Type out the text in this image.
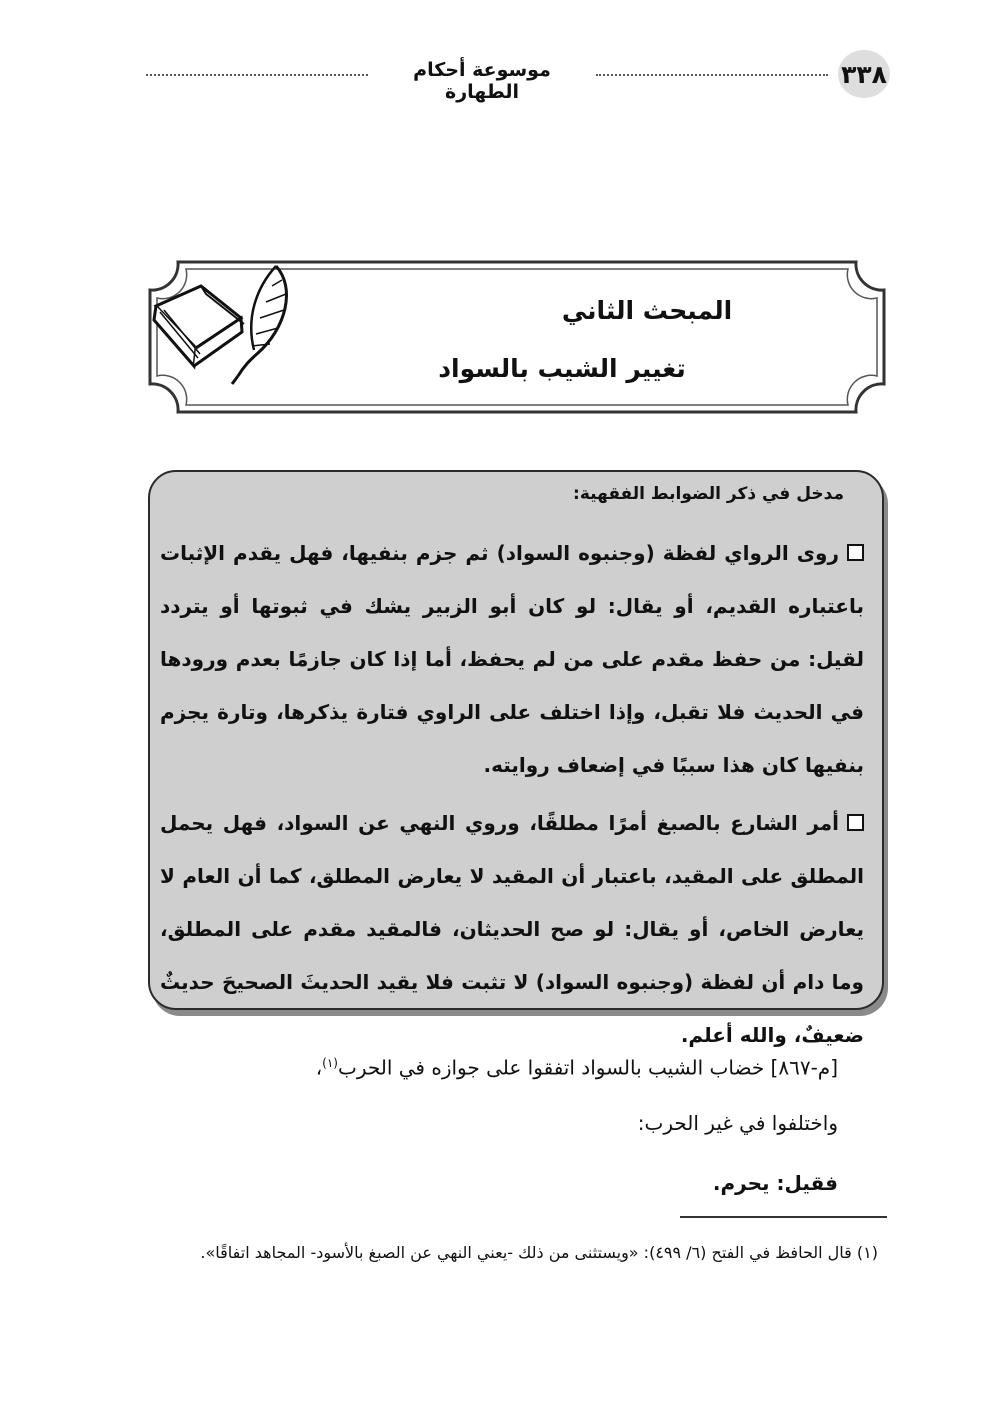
موسوعة أحكام الطهارة
٣٣٨
المبحث الثاني
تغيير الشيب بالسواد
مدخل في ذكر الضوابط الفقهية:
روى الرواي لفظة (وجنبوه السواد) ثم جزم بنفيها، فهل يقدم الإثبات باعتباره القديم، أو يقال: لو كان أبو الزبير يشك في ثبوتها أو يتردد لقيل: من حفظ مقدم على من لم يحفظ، أما إذا كان جازمًا بعدم ورودها في الحديث فلا تقبل، وإذا اختلف على الراوي فتارة يذكرها، وتارة يجزم بنفيها كان هذا سببًا في إضعاف روايته.
أمر الشارع بالصبغ أمرًا مطلقًا، وروي النهي عن السواد، فهل يحمل المطلق على المقيد، باعتبار أن المقيد لا يعارض المطلق، كما أن العام لا يعارض الخاص، أو يقال: لو صح الحديثان، فالمقيد مقدم على المطلق، وما دام أن لفظة (وجنبوه السواد) لا تثبت فلا يقيد الحديثَ الصحيحَ حديثٌ ضعيفٌ، والله أعلم.
[م-٨٦٧] خضاب الشيب بالسواد اتفقوا على جوازه في الحرب$^{(١)}$،
واختلفوا في غير الحرب:
فقيل: يحرم.
(١) قال الحافظ في الفتح (٦/ ٤٩٩): «ويستثنى من ذلك -يعني النهي عن الصبغ بالأسود- المجاهد اتفاقًا».
